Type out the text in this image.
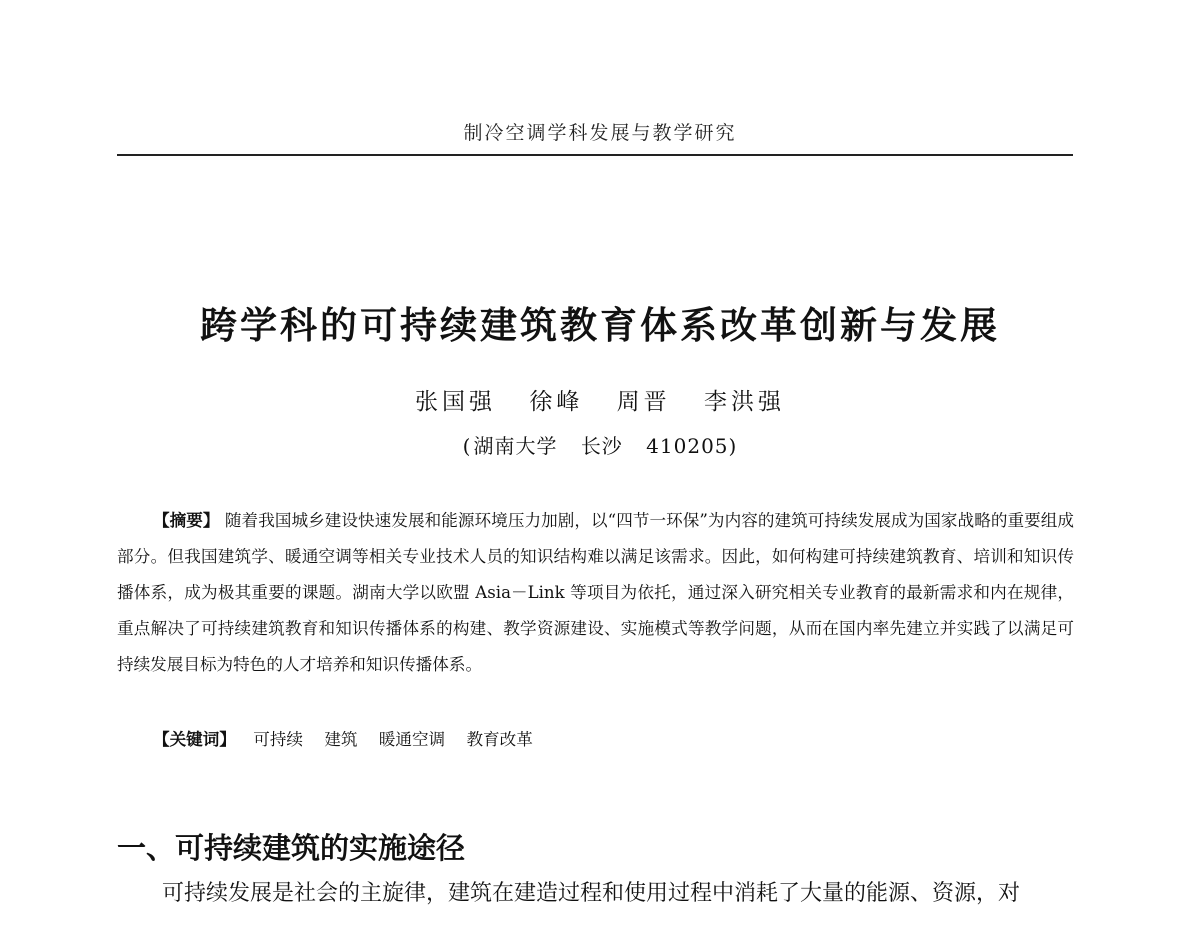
制冷空调学科发展与教学研究
跨学科的可持续建筑教育体系改革创新与发展
张国强 徐峰 周晋 李洪强
( 湖南大学 长沙 410205)
【摘要】 随着我国城乡建设快速发展和能源环境压力加剧，以“四节一环保”为内容的建筑可持续发展成为国家战略的重要组成部分。但我国建筑学、暖通空调等相关专业技术人员的知识结构难以满足该需求。因此，如何构建可持续建筑教育、培训和知识传播体系，成为极其重要的课题。湖南大学以欧盟 Asia－Link 等项目为依托，通过深入研究相关专业教育的最新需求和内在规律，重点解决了可持续建筑教育和知识传播体系的构建、教学资源建设、实施模式等教学问题，从而在国内率先建立并实践了以满足可持续发展目标为特色的人才培养和知识传播体系。
【关键词】 可持续 建筑 暖通空调 教育改革
一、可持续建筑的实施途径
可持续发展是社会的主旋律，建筑在建造过程和使用过程中消耗了大量的能源、资源，对
